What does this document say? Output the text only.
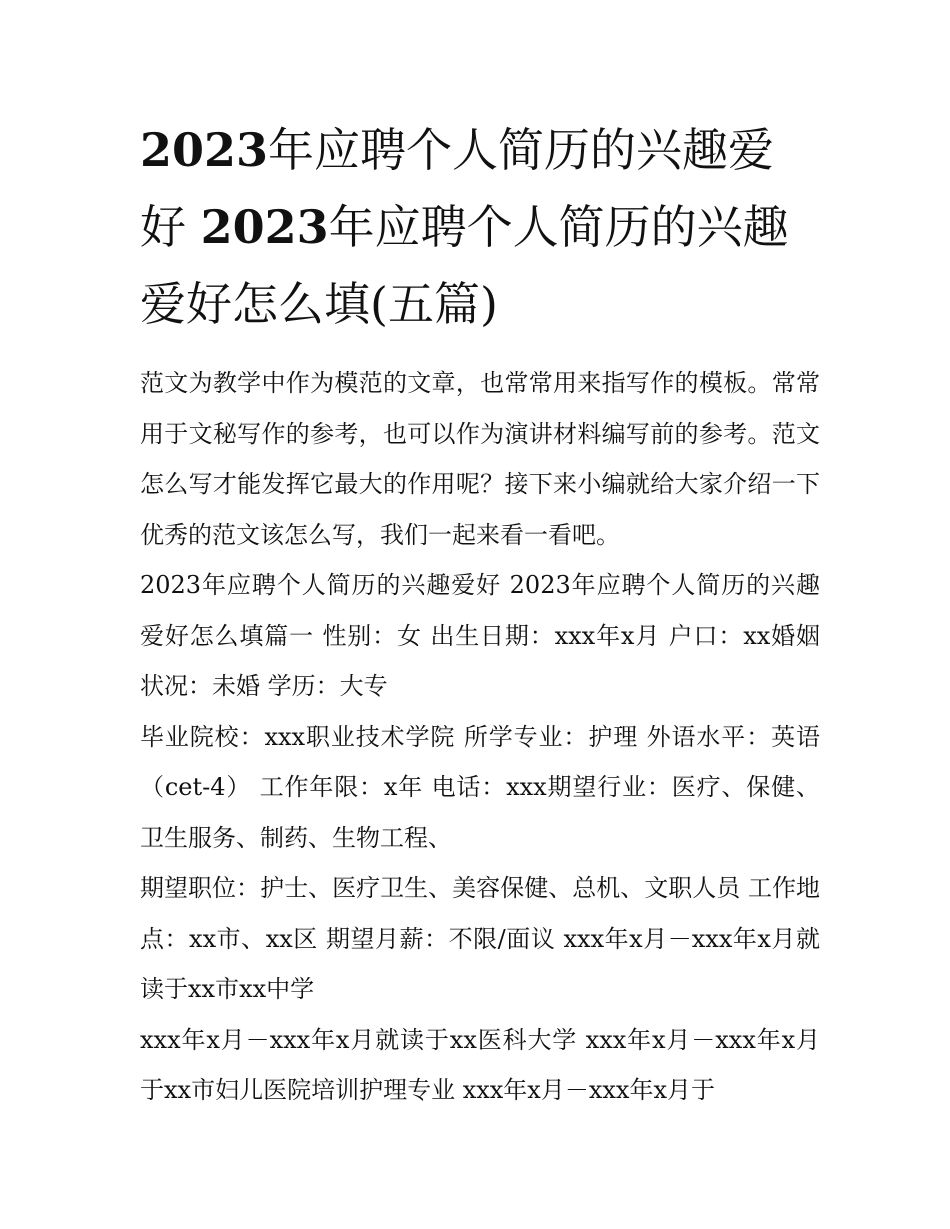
2023年应聘个人简历的兴趣爱好 2023年应聘个人简历的兴趣爱好怎么填(五篇)

范文为教学中作为模范的文章，也常常用来指写作的模板。常常用于文秘写作的参考，也可以作为演讲材料编写前的参考。范文怎么写才能发挥它最大的作用呢？接下来小编就给大家介绍一下优秀的范文该怎么写，我们一起来看一看吧。

2023年应聘个人简历的兴趣爱好 2023年应聘个人简历的兴趣爱好怎么填篇一 性别：女 出生日期：xxx年x月 户口：xx婚姻状况：未婚 学历：大专

毕业院校：xxx职业技术学院 所学专业：护理 外语水平：英语（cet-4） 工作年限：x年 电话：xxx期望行业：医疗、保健、卫生服务、制药、生物工程、

期望职位：护士、医疗卫生、美容保健、总机、文职人员 工作地点：xx市、xx区 期望月薪：不限/面议 xxx年x月－xxx年x月就读于xx市xx中学

xxx年x月－xxx年x月就读于xx医科大学 xxx年x月－xxx年x月于xx市妇儿医院培训护理专业 xxx年x月－xxx年x月于
